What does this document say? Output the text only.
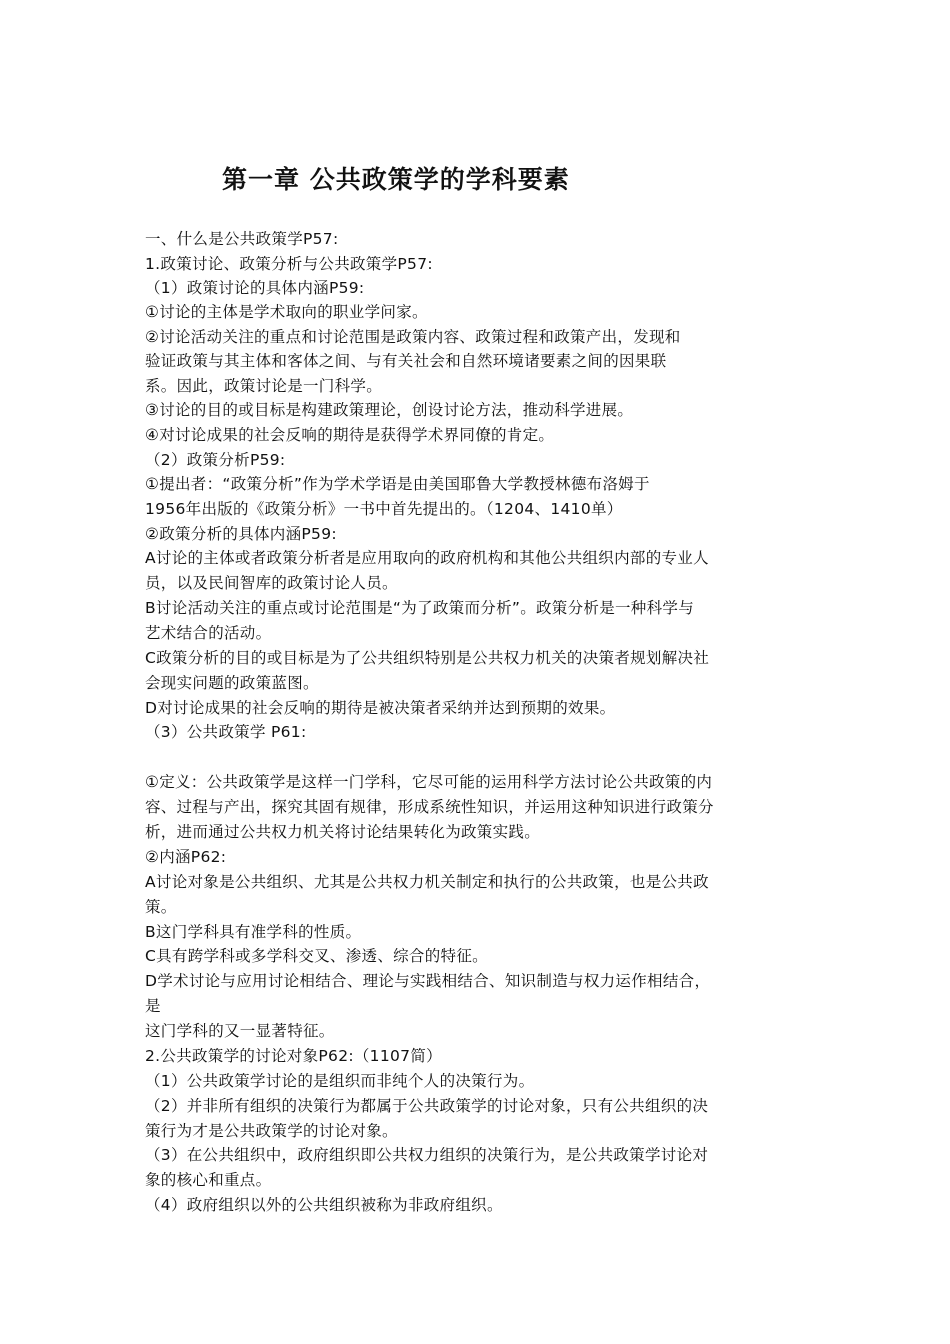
第一章 公共政策学的学科要素
一、什么是公共政策学P57:
1.政策讨论、政策分析与公共政策学P57:
（1）政策讨论的具体内涵P59:
①讨论的主体是学术取向的职业学问家。
②讨论活动关注的重点和讨论范围是政策内容、政策过程和政策产出，发现和
验证政策与其主体和客体之间、与有关社会和自然环境诸要素之间的因果联
系。因此，政策讨论是一门科学。
③讨论的目的或目标是构建政策理论，创设讨论方法，推动科学进展。
④对讨论成果的社会反响的期待是获得学术界同僚的肯定。
（2）政策分析P59:
①提出者：“政策分析”作为学术学语是由美国耶鲁大学教授林德布洛姆于
1956年出版的《政策分析》一书中首先提出的。（1204、1410单）
②政策分析的具体内涵P59:
A讨论的主体或者政策分析者是应用取向的政府机构和其他公共组织内部的专业人
员，以及民间智库的政策讨论人员。
B讨论活动关注的重点或讨论范围是“为了政策而分析”。政策分析是一种科学与
艺术结合的活动。
C政策分析的目的或目标是为了公共组织特别是公共权力机关的决策者规划解决社
会现实问题的政策蓝图。
D对讨论成果的社会反响的期待是被决策者采纳并达到预期的效果。
（3）公共政策学 P61:
①定义：公共政策学是这样一门学科，它尽可能的运用科学方法讨论公共政策的内
容、过程与产出，探究其固有规律，形成系统性知识，并运用这种知识进行政策分
析，进而通过公共权力机关将讨论结果转化为政策实践。
②内涵P62:
A讨论对象是公共组织、尤其是公共权力机关制定和执行的公共政策，也是公共政
策。
B这门学科具有准学科的性质。
C具有跨学科或多学科交叉、渗透、综合的特征。
D学术讨论与应用讨论相结合、理论与实践相结合、知识制造与权力运作相结合，
是
这门学科的又一显著特征。
2.公共政策学的讨论对象P62:（1107简）
（1）公共政策学讨论的是组织而非纯个人的决策行为。
（2）并非所有组织的决策行为都属于公共政策学的讨论对象，只有公共组织的决
策行为才是公共政策学的讨论对象。
（3）在公共组织中，政府组织即公共权力组织的决策行为，是公共政策学讨论对
象的核心和重点。
（4）政府组织以外的公共组织被称为非政府组织。
